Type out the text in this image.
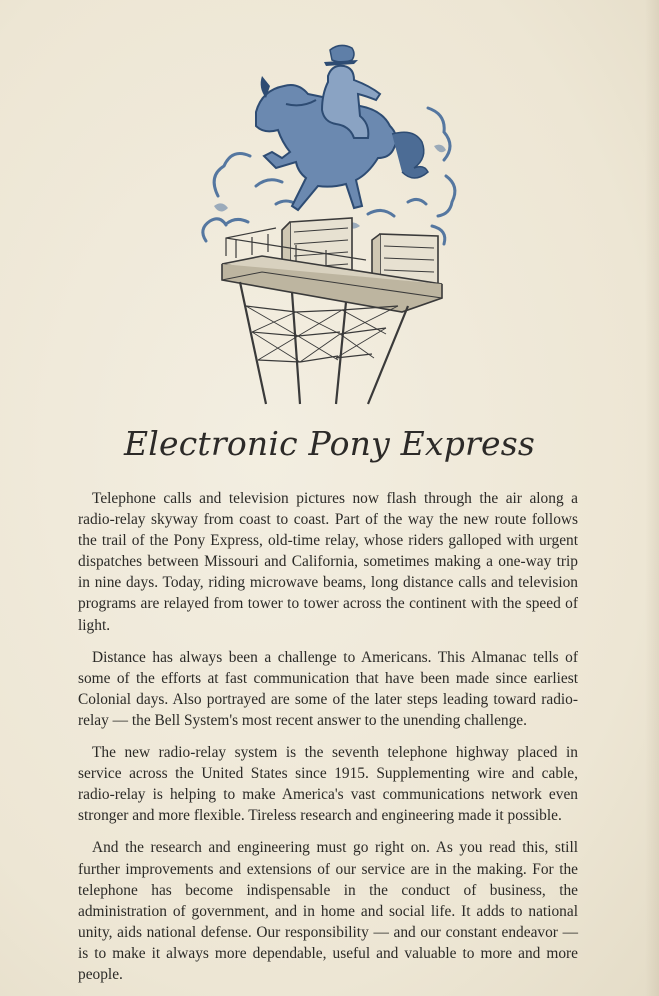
Electronic Pony Express

Telephone calls and television pictures now flash through the air along a radio-relay skyway from coast to coast. Part of the way the new route follows the trail of the Pony Express, old-time relay, whose riders galloped with urgent dispatches between Missouri and California, sometimes making a one-way trip in nine days. Today, riding microwave beams, long distance calls and television programs are relayed from tower to tower across the continent with the speed of light.

Distance has always been a challenge to Americans. This Almanac tells of some of the efforts at fast communication that have been made since earliest Colonial days. Also portrayed are some of the later steps leading toward radio-relay — the Bell System's most recent answer to the unending challenge.

The new radio-relay system is the seventh telephone highway placed in service across the United States since 1915. Supplementing wire and cable, radio-relay is helping to make America's vast communications network even stronger and more flexible. Tireless research and engineering made it possible.

And the research and engineering must go right on. As you read this, still further improvements and extensions of our service are in the making. For the telephone has become indispensable in the conduct of business, the administration of government, and in home and social life. It adds to national unity, aids national defense. Our responsibility — and our constant endeavor — is to make it always more dependable, useful and valuable to more and more people.
